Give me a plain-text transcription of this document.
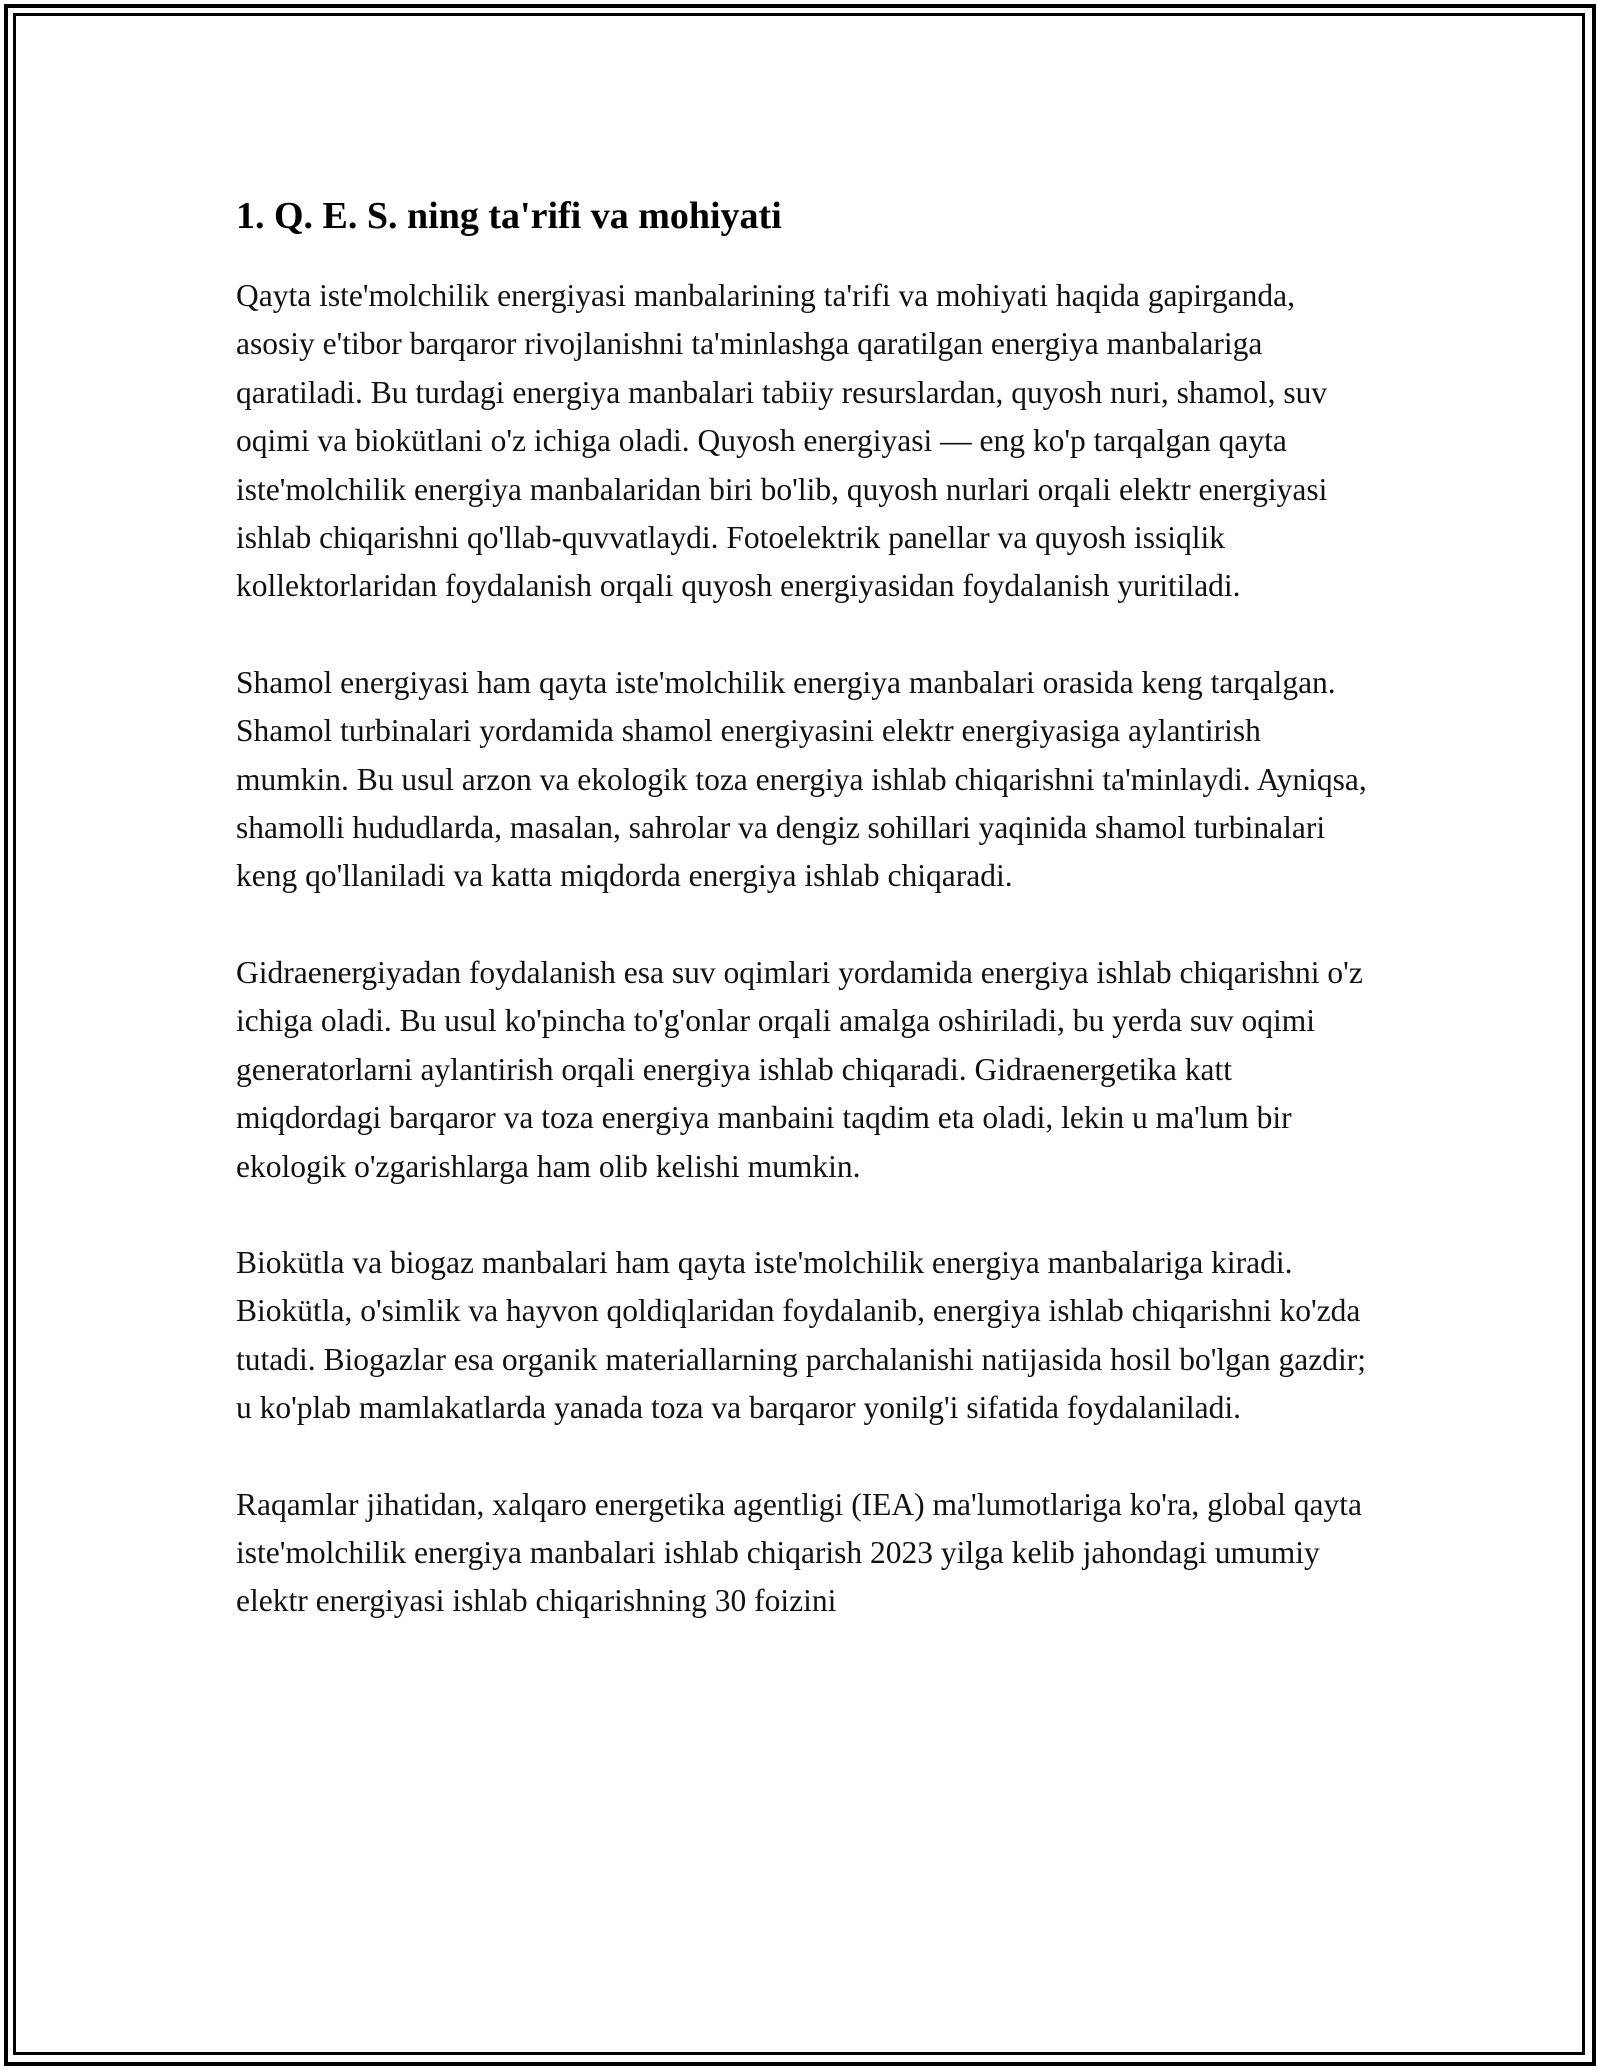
1. Q. E. S. ning ta'rifi va mohiyati

Qayta iste'molchilik energiyasi manbalarining ta'rifi va mohiyati haqida gapirganda, asosiy e'tibor barqaror rivojlanishni ta'minlashga qaratilgan energiya manbalariga qaratiladi. Bu turdagi energiya manbalari tabiiy resurslardan, quyosh nuri, shamol, suv oqimi va biokütlani o'z ichiga oladi. Quyosh energiyasi — eng ko'p tarqalgan qayta iste'molchilik energiya manbalaridan biri bo'lib, quyosh nurlari orqali elektr energiyasi ishlab chiqarishni qo'llab-quvvatlaydi. Fotoelektrik panellar va quyosh issiqlik kollektorlaridan foydalanish orqali quyosh energiyasidan foydalanish yuritiladi.

Shamol energiyasi ham qayta iste'molchilik energiya manbalari orasida keng tarqalgan. Shamol turbinalari yordamida shamol energiyasini elektr energiyasiga aylantirish mumkin. Bu usul arzon va ekologik toza energiya ishlab chiqarishni ta'minlaydi. Ayniqsa, shamolli hududlarda, masalan, sahrolar va dengiz sohillari yaqinida shamol turbinalari keng qo'llaniladi va katta miqdorda energiya ishlab chiqaradi.

Gidraenergiyadan foydalanish esa suv oqimlari yordamida energiya ishlab chiqarishni o'z ichiga oladi. Bu usul ko'pincha to'g'onlar orqali amalga oshiriladi, bu yerda suv oqimi generatorlarni aylantirish orqali energiya ishlab chiqaradi. Gidraenergetika katt miqdordagi barqaror va toza energiya manbaini taqdim eta oladi, lekin u ma'lum bir ekologik o'zgarishlarga ham olib kelishi mumkin.

Biokütla va biogaz manbalari ham qayta iste'molchilik energiya manbalariga kiradi. Biokütla, o'simlik va hayvon qoldiqlaridan foydalanib, energiya ishlab chiqarishni ko'zda tutadi. Biogazlar esa organik materiallarning parchalanishi natijasida hosil bo'lgan gazdir; u ko'plab mamlakatlarda yanada toza va barqaror yonilg'i sifatida foydalaniladi.

Raqamlar jihatidan, xalqaro energetika agentligi (IEA) ma'lumotlariga ko'ra, global qayta iste'molchilik energiya manbalari ishlab chiqarish 2023 yilga kelib jahondagi umumiy elektr energiyasi ishlab chiqarishning 30 foizini
